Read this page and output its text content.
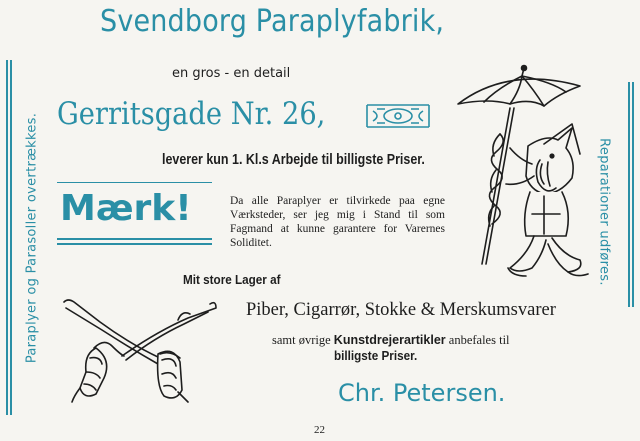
Paraplyer og Parasoller overtrækkes.	Reparationer udføres.
Svendborg Paraplyfabrik,
en gros - en detail
Gerritsgade Nr. 26,
leverer kun 1. Kl.s Arbejde til billigste Priser.
Mærk!	Da alle Paraplyer er tilvirkede paa egne Værksteder, ser jeg mig i Stand til som Fagmand at kunne garantere for Varernes Soliditet.
Mit store Lager af
Piber, Cigarrør, Stokke & Merskumsvarer
samt øvrige Kunstdrejerartikler anbefales til
billigste Priser.
Chr. Petersen.
22
